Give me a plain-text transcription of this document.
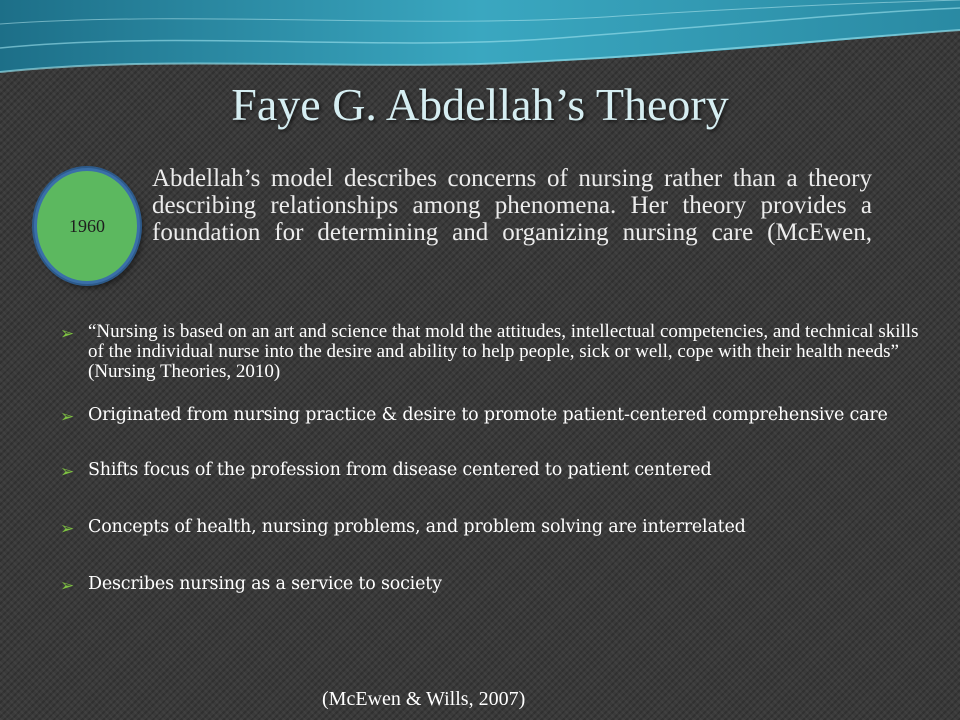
Faye G. Abdellah’s Theory
1960
Abdellah’s model describes concerns of nursing rather than a theory describing relationships among phenomena. Her theory provides a foundation for determining and organizing nursing care (McEwen,
➢ “Nursing is based on an art and science that mold the attitudes, intellectual competencies, and technical skills of the individual nurse into the desire and ability to help people, sick or well, cope with their health needs” (Nursing Theories, 2010)
➢ Originated from nursing practice & desire to promote patient-centered comprehensive care
➢ Shifts focus of the profession from disease centered to patient centered
➢ Concepts of health, nursing problems, and problem solving are interrelated
➢ Describes nursing as a service to society
(McEwen & Wills, 2007)
